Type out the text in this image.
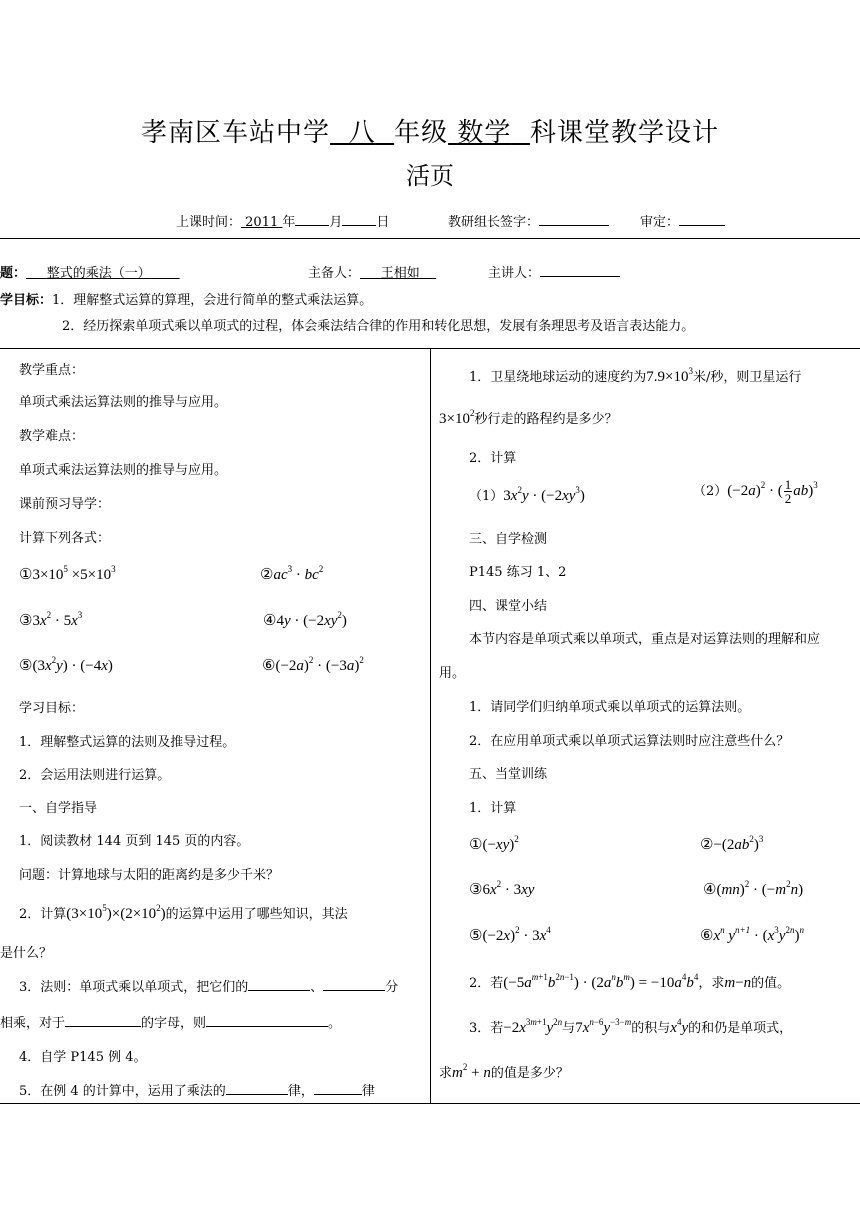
孝南区车站中学 八 年级 数学 科课堂教学设计
活页
上课时间： 2011 年	月	日	教研组长签字：	审定：
题： 整式的乘法（一）	主备人： 王相如	主讲人：
学目标：1．理解整式运算的算理，会进行简单的整式乘法运算。
2．经历探索单项式乘以单项式的过程，体会乘法结合律的作用和转化思想，发展有条理思考及语言表达能力。
教学重点：
单项式乘法运算法则的推导与应用。
教学难点：
单项式乘法运算法则的推导与应用。
课前预习导学：
计算下列各式：
$①3\times 10^5 \times 5\times 10^3$	$②ac^3 \cdot bc^2$
$③3x^2 \cdot 5x^3$	④4y · $(-2xy^2)$
$⑤(3x^2y) \cdot (-4x)$	$⑥(-2a)^2 \cdot (-3a)^2$
学习目标：
1．理解整式运算的法则及推导过程。
2．会运用法则进行运算。
一、自学指导
1．阅读教材 144 页到 145 页的内容。
问题：计算地球与太阳的距离约是多少千米？
2．计算$(3\times 10^5)\times(2\times 10^2)$的运算中运用了哪些知识，其法
是什么？
3．法则：单项式乘以单项式，把它们的	、	分
相乘，对于	的字母，则	。
4．自学 P145 例 4。
5．在例 4 的计算中，运用了乘法的	律，	律
1．卫星绕地球运动的速度约为$7.9\times 10^3$米/秒，则卫星运行
$3\times 10^2$秒行走的路程约是多少？
2．计算
$(1)3x^2y \cdot (-2xy^3)$	$(2)(-2a)^2$ · ( $\frac{1}{2} ab)^3$
三、自学检测
P145 练习 1、2
四、课堂小结
本节内容是单项式乘以单项式，重点是对运算法则的理解和应
用。
1．请同学们归纳单项式乘以单项式的运算法则。
2．在应用单项式乘以单项式运算法则时应注意些什么？
五、当堂训练
1．计算
$①(-xy)^2$	$②-(2ab^2)^3$
$③6x^2 \cdot 3xy$	④(mn)$^2$ · $(-m^2n)$
$⑤(-2x)^2 \cdot 3x^4$	$⑥x^n$ $y^{n+1} \cdot (x^3y^{2n})^n$
2．若$(-5a^{m+1}b^{2n-1}) \cdot (2a^nb^m) = -10a^4b^4$，求m−n的值。
3．若$-2x^{3m+1}y^{2n}$与$7x^{n-6}y^{-3-m}$的积与$x^4y$的和仍是单项式，
求$m^2 + n$的值是多少？
